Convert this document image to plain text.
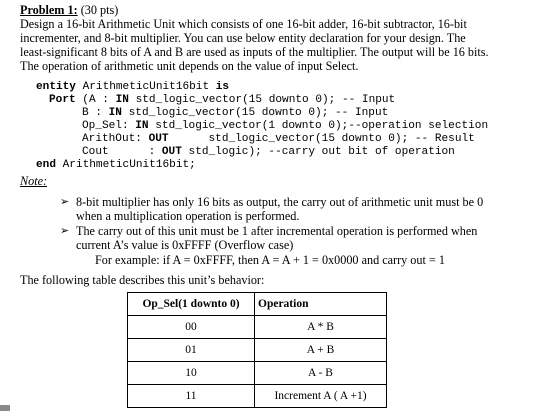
Problem 1: (30 pts)
Design a 16-bit Arithmetic Unit which consists of one 16-bit adder, 16-bit subtractor, 16-bit
incrementer, and 8-bit multiplier. You can use below entity declaration for your design. The
least-significant 8 bits of A and B are used as inputs of the multiplier. The output will be 16 bits.
The operation of arithmetic unit depends on the value of input Select.
entity ArithmeticUnit16bit is
Port (A : IN std_logic_vector(15 downto 0); -- Input
B : IN std_logic_vector(15 downto 0); -- Input
Op_Sel: IN std_logic_vector(1 downto 0);--operation selection
ArithOut: OUT      std_logic_vector(15 downto 0); -- Result
Cout      : OUT std_logic); --carry out bit of operation
end ArithmeticUnit16bit;
Note:
➢ 8-bit multiplier has only 16 bits as output, the carry out of arithmetic unit must be 0
when a multiplication operation is performed.
➢ The carry out of this unit must be 1 after incremental operation is performed when
current A’s value is 0xFFFF (Overflow case)
For example: if A = 0xFFFF, then A = A + 1 = 0x0000 and carry out = 1
The following table describes this unit’s behavior:
Op_Sel(1 downto 0)	Operation
00	A * B
01	A + B
10	A - B
11	Increment A ( A +1)
